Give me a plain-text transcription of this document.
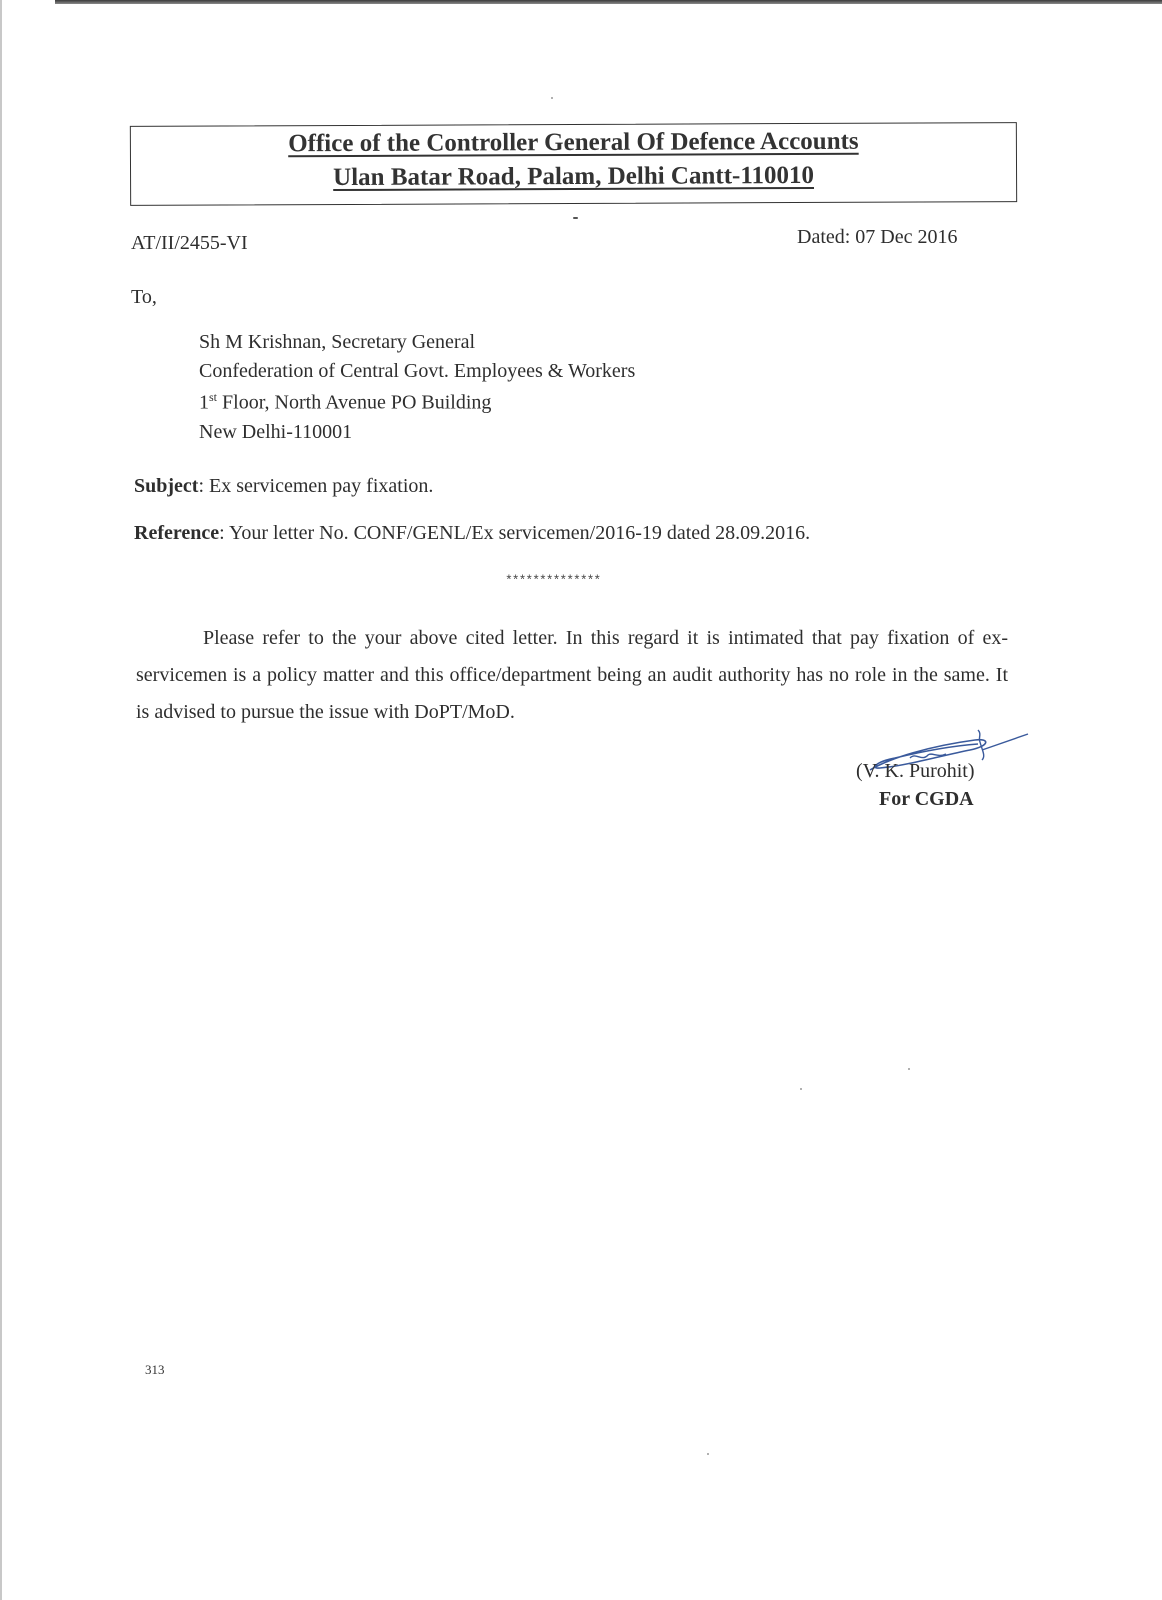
Office of the Controller General Of Defence Accounts
Ulan Batar Road, Palam, Delhi Cantt-110010
AT/II/2455-VI	Dated: 07 Dec 2016
To,
Sh M Krishnan, Secretary General
Confederation of Central Govt. Employees & Workers
1st Floor, North Avenue PO Building
New Delhi-110001
Subject: Ex servicemen pay fixation.
Reference: Your letter No. CONF/GENL/Ex servicemen/2016-19 dated 28.09.2016.
**************
Please refer to the your above cited letter. In this regard it is intimated that pay fixation of ex-servicemen is a policy matter and this office/department being an audit authority has no role in the same. It is advised to pursue the issue with DoPT/MoD.
(V. K. Purohit)
For CGDA
313
